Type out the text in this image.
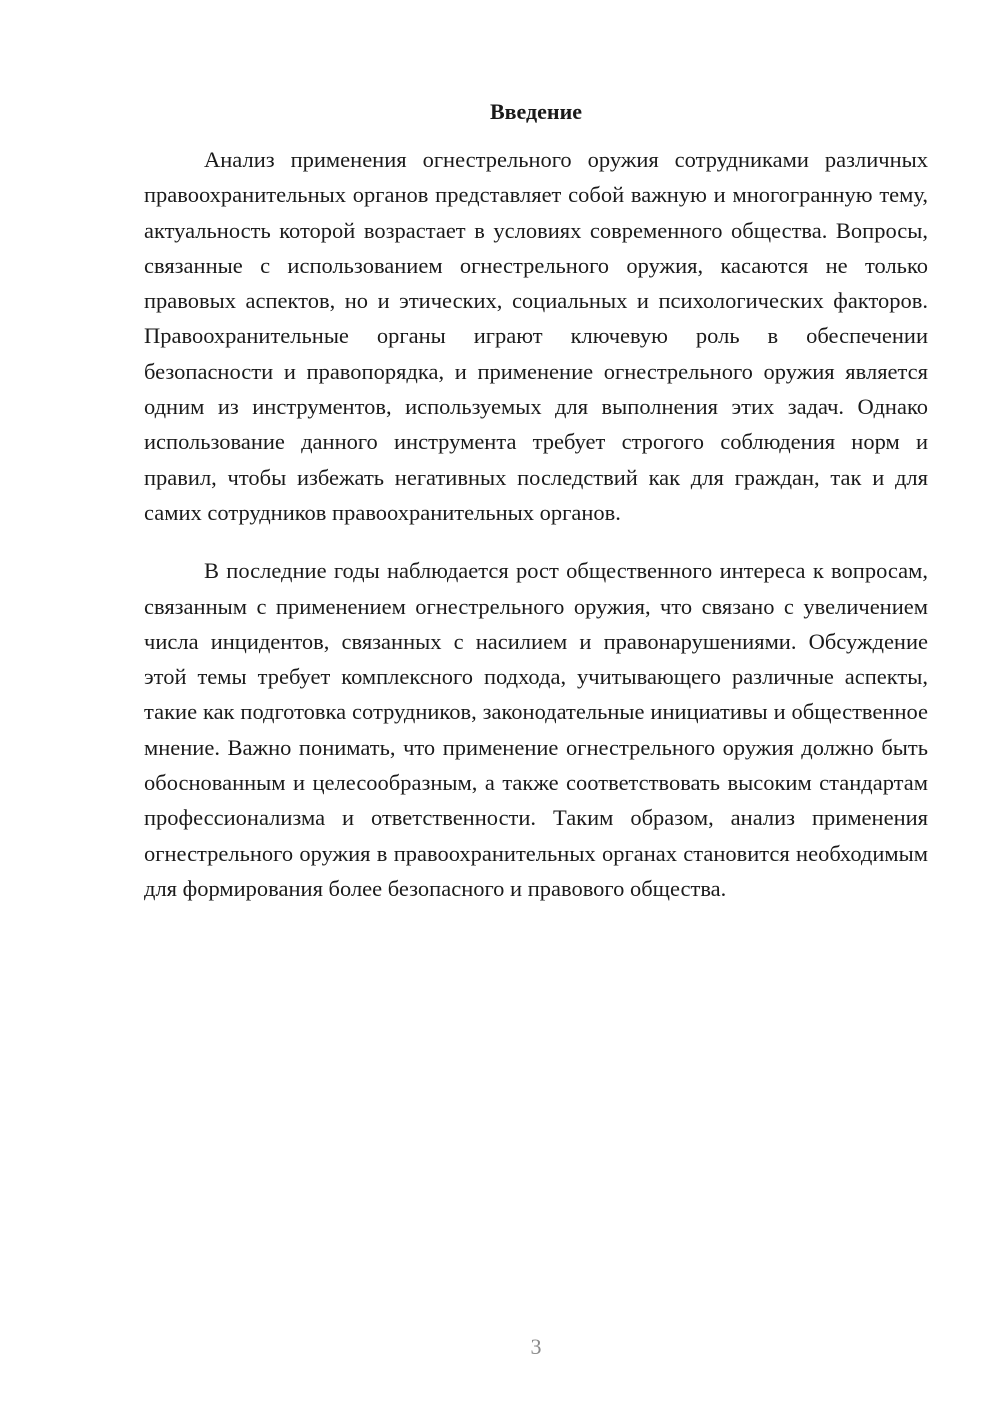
Введение

Анализ применения огнестрельного оружия сотрудниками различных правоохранительных органов представляет собой важную и многогранную тему, актуальность которой возрастает в условиях современного общества. Вопросы, связанные с использованием огнестрельного оружия, касаются не только правовых аспектов, но и этических, социальных и психологических факторов. Правоохранительные органы играют ключевую роль в обеспечении безопасности и правопорядка, и применение огнестрельного оружия является одним из инструментов, используемых для выполнения этих задач. Однако использование данного инструмента требует строгого соблюдения норм и правил, чтобы избежать негативных последствий как для граждан, так и для самих сотрудников правоохранительных органов.

В последние годы наблюдается рост общественного интереса к вопросам, связанным с применением огнестрельного оружия, что связано с увеличением числа инцидентов, связанных с насилием и правонарушениями. Обсуждение этой темы требует комплексного подхода, учитывающего различные аспекты, такие как подготовка сотрудников, законодательные инициативы и общественное мнение. Важно понимать, что применение огнестрельного оружия должно быть обоснованным и целесообразным, а также соответствовать высоким стандартам профессионализма и ответственности. Таким образом, анализ применения огнестрельного оружия в правоохранительных органах становится необходимым для формирования более безопасного и правового общества.

3
